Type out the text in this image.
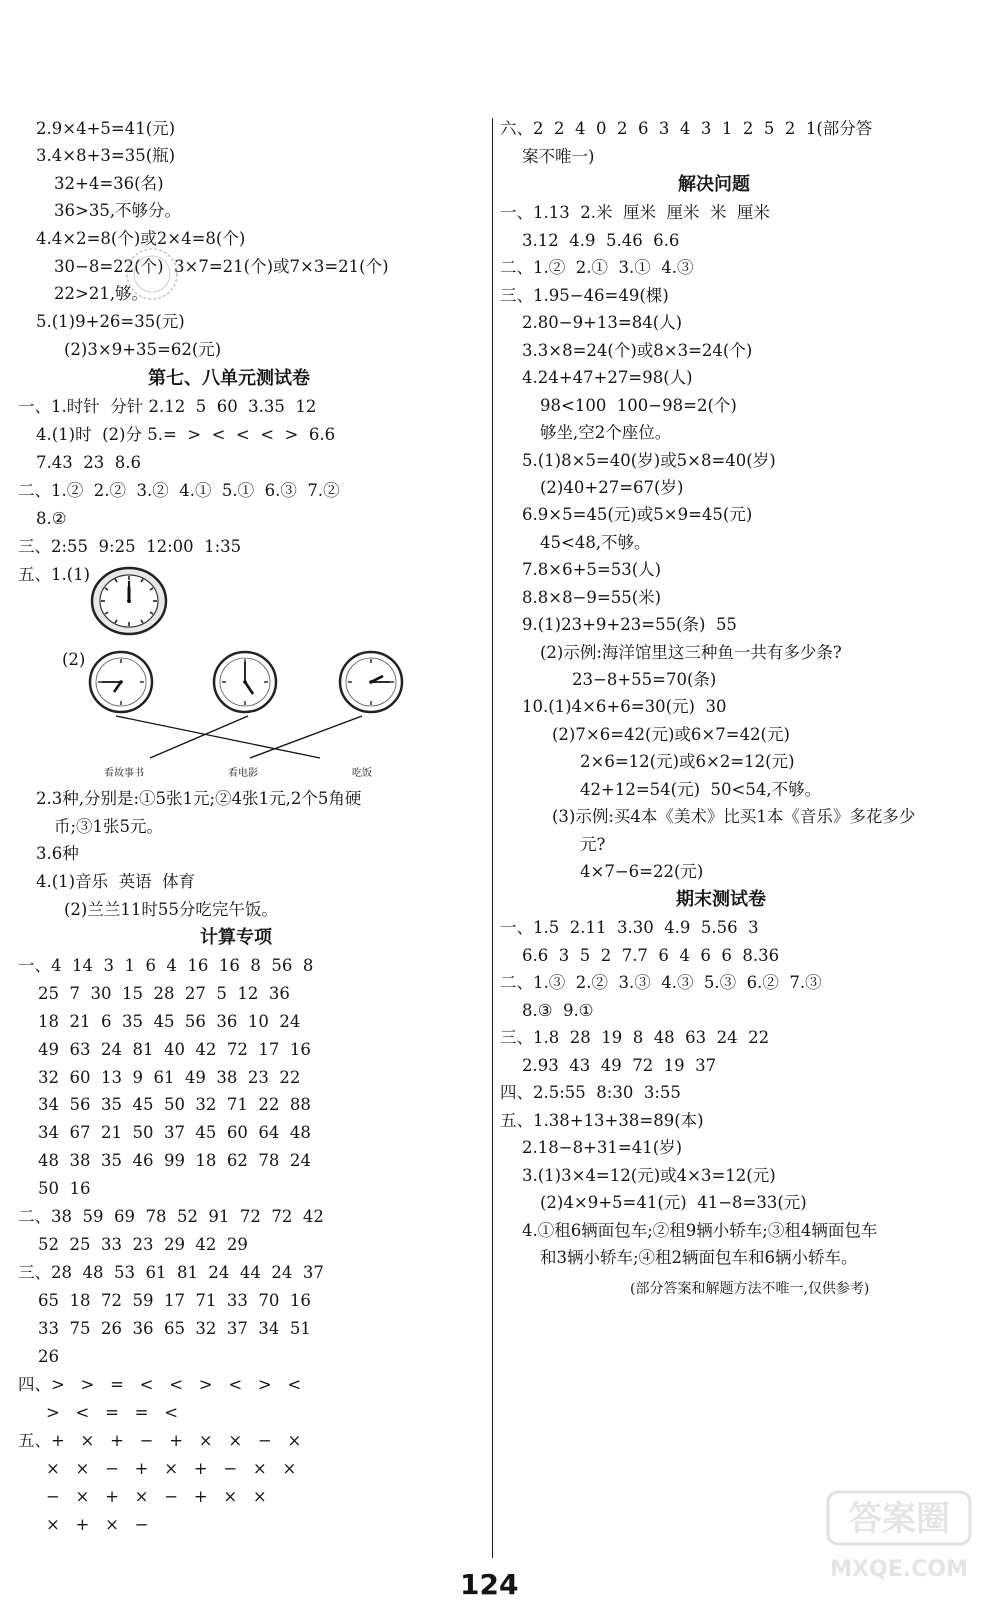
2.9×4+5=41(元)
3.4×8+3=35(瓶)
32+4=36(名)
36>35,不够分。
4.4×2=8(个)或2×4=8(个)
30−8=22(个)  3×7=21(个)或7×3=21(个)
22>21,够。
5.(1)9+26=35(元)
(2)3×9+35=62(元)
第七、八单元测试卷
一、1.时针  分针 2.12  5  60  3.35  12
4.(1)时  (2)分 5.=  >  <  <  <  >  6.6
7.43  23  8.6
二、1.②  2.②  3.②  4.①  5.①  6.③  7.②
8.②
三、2:55  9:25  12:00  1:35
五、1.(1)
(2)
看故事书	看电影	吃饭
2.3种,分别是:①5张1元;②4张1元,2个5角硬
币;③1张5元。
3.6种
4.(1)音乐  英语  体育
(2)兰兰11时55分吃完午饭。
计算专项
一、4  14  3  1  6  4  16  16  8  56  8
25  7  30  15  28  27  5  12  36
18  21  6  35  45  56  36  10  24
49  63  24  81  40  42  72  17  16
32  60  13  9  61  49  38  23  22
34  56  35  45  50  32  71  22  88
34  67  21  50  37  45  60  64  48
48  38  35  46  99  18  62  78  24
50  16
二、38  59  69  78  52  91  72  72  42
52  25  33  23  29  42  29
三、28  48  53  61  81  24  44  24  37
65  18  72  59  17  71  33  70  16
33  75  26  36  65  32  37  34  51
26
四、>   >   =   <   <   >   <   >   <
>   <   =   =   <
五、+   ×   +   −   +   ×   ×   −   ×
×   ×   −   +   ×   +   −   ×   ×
−   ×   +   ×   −   +   ×   ×
×   +   ×   −
六、2  2  4  0  2  6  3  4  3  1  2  5  2  1(部分答
案不唯一)
解决问题
一、1.13  2.米  厘米  厘米  米  厘米
3.12  4.9  5.46  6.6
二、1.②  2.①  3.①  4.③
三、1.95−46=49(棵)
2.80−9+13=84(人)
3.3×8=24(个)或8×3=24(个)
4.24+47+27=98(人)
98<100  100−98=2(个)
够坐,空2个座位。
5.(1)8×5=40(岁)或5×8=40(岁)
(2)40+27=67(岁)
6.9×5=45(元)或5×9=45(元)
45<48,不够。
7.8×6+5=53(人)
8.8×8−9=55(米)
9.(1)23+9+23=55(条)  55
(2)示例:海洋馆里这三种鱼一共有多少条?
23−8+55=70(条)
10.(1)4×6+6=30(元)  30
(2)7×6=42(元)或6×7=42(元)
2×6=12(元)或6×2=12(元)
42+12=54(元)  50<54,不够。
(3)示例:买4本《美术》比买1本《音乐》多花多少
元?
4×7−6=22(元)
期末测试卷
一、1.5  2.11  3.30  4.9  5.56  3
6.6  3  5  2  7.7  6  4  6  6  8.36
二、1.③  2.②  3.③  4.③  5.③  6.②  7.③
8.③  9.①
三、1.8  28  19  8  48  63  24  22
2.93  43  49  72  19  37
四、2.5:55  8:30  3:55
五、1.38+13+38=89(本)
2.18−8+31=41(岁)
3.(1)3×4=12(元)或4×3=12(元)
(2)4×9+5=41(元)  41−8=33(元)
4.①租6辆面包车;②租9辆小轿车;③租4辆面包车
和3辆小轿车;④租2辆面包车和6辆小轿车。
(部分答案和解题方法不唯一,仅供参考)
124
答案圈
MXQE.COM
